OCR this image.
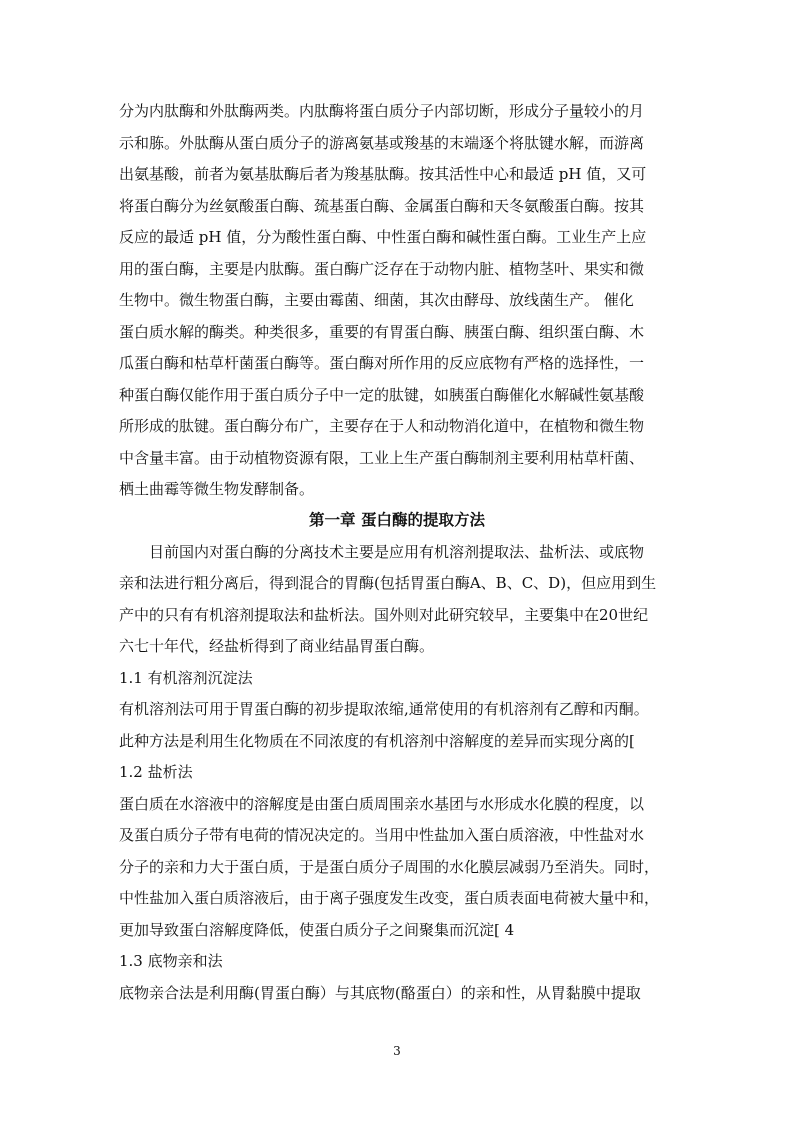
分为内肽酶和外肽酶两类。内肽酶将蛋白质分子内部切断，形成分子量较小的月
示和胨。外肽酶从蛋白质分子的游离氨基或羧基的末端逐个将肽键水解，而游离
出氨基酸，前者为氨基肽酶后者为羧基肽酶。按其活性中心和最适 pH 值，又可
将蛋白酶分为丝氨酸蛋白酶、巯基蛋白酶、金属蛋白酶和天冬氨酸蛋白酶。按其
反应的最适 pH 值，分为酸性蛋白酶、中性蛋白酶和碱性蛋白酶。工业生产上应
用的蛋白酶，主要是内肽酶。蛋白酶广泛存在于动物内脏、植物茎叶、果实和微
生物中。微生物蛋白酶，主要由霉菌、细菌，其次由酵母、放线菌生产。 催化
蛋白质水解的酶类。种类很多，重要的有胃蛋白酶、胰蛋白酶、组织蛋白酶、木
瓜蛋白酶和枯草杆菌蛋白酶等。蛋白酶对所作用的反应底物有严格的选择性，一
种蛋白酶仅能作用于蛋白质分子中一定的肽键，如胰蛋白酶催化水解碱性氨基酸
所形成的肽键。蛋白酶分布广，主要存在于人和动物消化道中，在植物和微生物
中含量丰富。由于动植物资源有限，工业上生产蛋白酶制剂主要利用枯草杆菌、
栖土曲霉等微生物发酵制备。
第一章 蛋白酶的提取方法
目前国内对蛋白酶的分离技术主要是应用有机溶剂提取法、盐析法、或底物
亲和法进行粗分离后，得到混合的胃酶(包括胃蛋白酶A、B、C、D)，但应用到生
产中的只有有机溶剂提取法和盐析法。国外则对此研究较早，主要集中在20世纪
六七十年代，经盐析得到了商业结晶胃蛋白酶。
1.1 有机溶剂沉淀法
有机溶剂法可用于胃蛋白酶的初步提取浓缩,通常使用的有机溶剂有乙醇和丙酮。
此种方法是利用生化物质在不同浓度的有机溶剂中溶解度的差异而实现分离的[
1.2 盐析法
蛋白质在水溶液中的溶解度是由蛋白质周围亲水基团与水形成水化膜的程度，以
及蛋白质分子带有电荷的情况决定的。当用中性盐加入蛋白质溶液，中性盐对水
分子的亲和力大于蛋白质，于是蛋白质分子周围的水化膜层减弱乃至消失。同时，
中性盐加入蛋白质溶液后，由于离子强度发生改变，蛋白质表面电荷被大量中和，
更加导致蛋白溶解度降低，使蛋白质分子之间聚集而沉淀[ 4
1.3 底物亲和法
底物亲合法是利用酶(胃蛋白酶）与其底物(酪蛋白）的亲和性，从胃黏膜中提取
3
